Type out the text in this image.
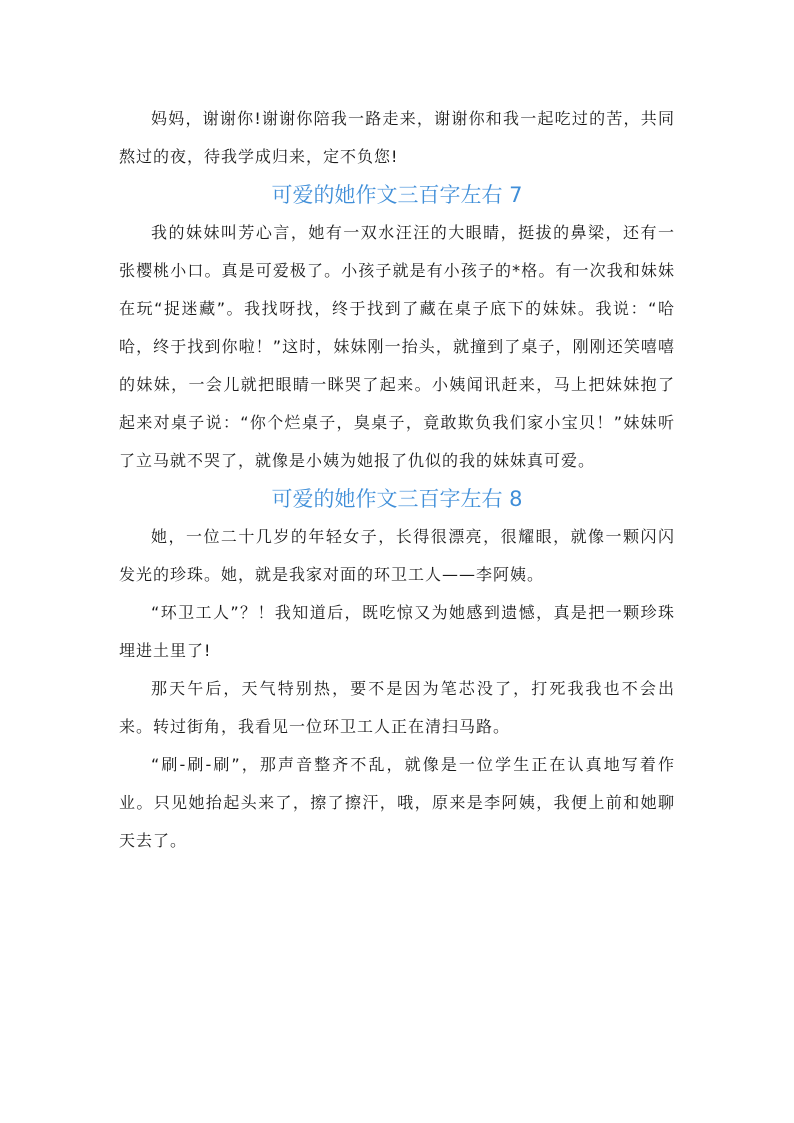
妈妈，谢谢你!谢谢你陪我一路走来，谢谢你和我一起吃过的苦，共同熬过的夜，待我学成归来，定不负您!

可爱的她作文三百字左右 7

我的妹妹叫芳心言，她有一双水汪汪的大眼睛，挺拔的鼻梁，还有一张樱桃小口。真是可爱极了。小孩子就是有小孩子的*格。有一次我和妹妹在玩“捉迷藏”。我找呀找，终于找到了藏在桌子底下的妹妹。我说：“哈哈，终于找到你啦！”这时，妹妹刚一抬头，就撞到了桌子，刚刚还笑嘻嘻的妹妹，一会儿就把眼睛一眯哭了起来。小姨闻讯赶来，马上把妹妹抱了起来对桌子说：“你个烂桌子，臭桌子，竟敢欺负我们家小宝贝！”妹妹听了立马就不哭了，就像是小姨为她报了仇似的我的妹妹真可爱。

可爱的她作文三百字左右 8

她，一位二十几岁的年轻女子，长得很漂亮，很耀眼，就像一颗闪闪发光的珍珠。她，就是我家对面的环卫工人——李阿姨。

“环卫工人”？！我知道后，既吃惊又为她感到遗憾，真是把一颗珍珠埋进土里了!

那天午后，天气特别热，要不是因为笔芯没了，打死我我也不会出来。转过街角，我看见一位环卫工人正在清扫马路。

“刷-刷-刷”，那声音整齐不乱，就像是一位学生正在认真地写着作业。只见她抬起头来了，擦了擦汗，哦，原来是李阿姨，我便上前和她聊天去了。
